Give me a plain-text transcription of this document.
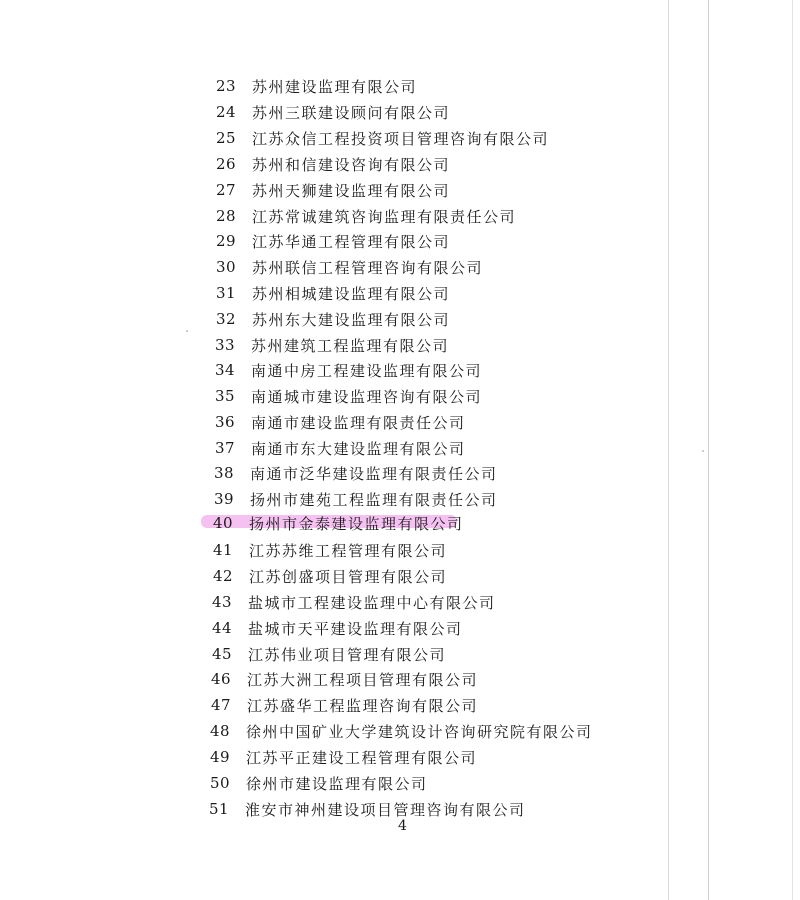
23	苏州建设监理有限公司
24	苏州三联建设顾问有限公司
25	江苏众信工程投资项目管理咨询有限公司
26	苏州和信建设咨询有限公司
27	苏州天狮建设监理有限公司
28	江苏常诚建筑咨询监理有限责任公司
29	江苏华通工程管理有限公司
30	苏州联信工程管理咨询有限公司
31	苏州相城建设监理有限公司
32	苏州东大建设监理有限公司
33	苏州建筑工程监理有限公司
34	南通中房工程建设监理有限公司
35	南通城市建设监理咨询有限公司
36	南通市建设监理有限责任公司
37	南通市东大建设监理有限公司
38	南通市泛华建设监理有限责任公司
39	扬州市建苑工程监理有限责任公司
40	扬州市金泰建设监理有限公司
41	江苏苏维工程管理有限公司
42	江苏创盛项目管理有限公司
43	盐城市工程建设监理中心有限公司
44	盐城市天平建设监理有限公司
45	江苏伟业项目管理有限公司
46	江苏大洲工程项目管理有限公司
47	江苏盛华工程监理咨询有限公司
48	徐州中国矿业大学建筑设计咨询研究院有限公司
49	江苏平正建设工程管理有限公司
50	徐州市建设监理有限公司
51	淮安市神州建设项目管理咨询有限公司
4
